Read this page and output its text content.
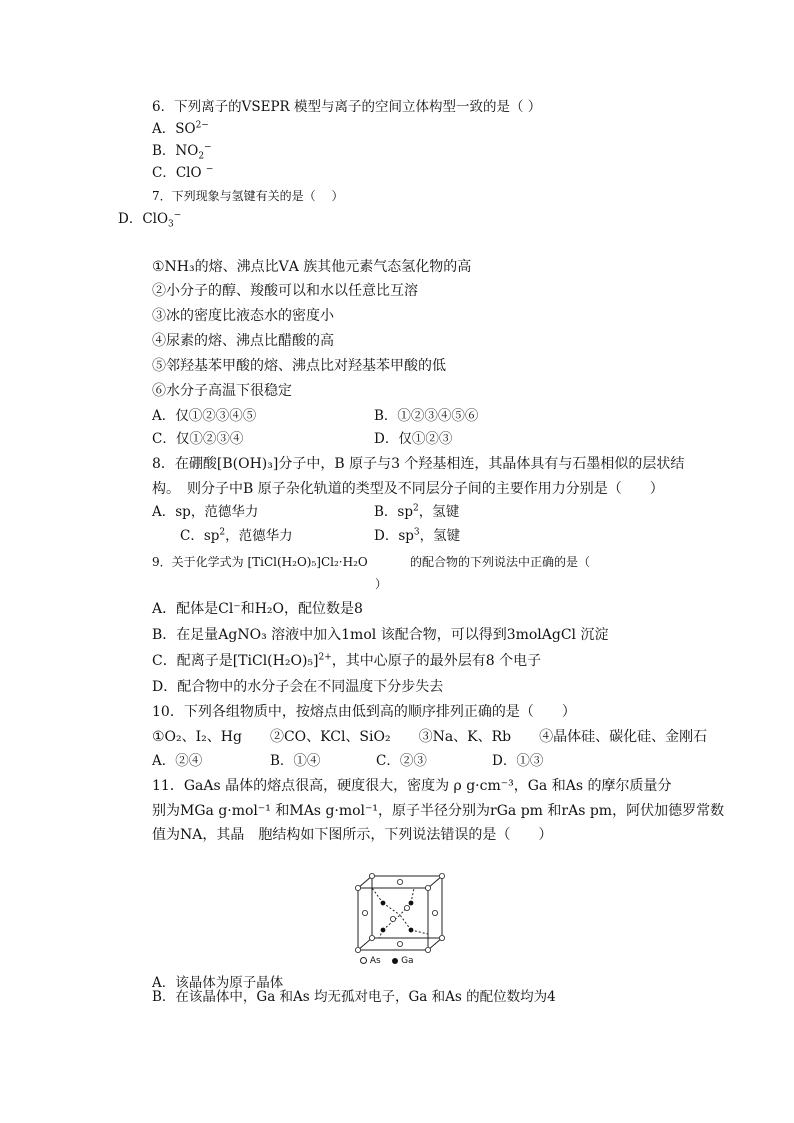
6．下列离子的VSEPR 模型与离子的空间立体构型一致的是（ ）
A．$SO^{2-}$
B．$NO_2^-$
C．ClO −
7．下列现象与氢键有关的是（　 ）
D．ClO$_3$−
①NH₃的熔、沸点比ⅤA 族其他元素气态氢化物的高
②小分子的醇、羧酸可以和水以任意比互溶
③冰的密度比液态水的密度小
④尿素的熔、沸点比醋酸的高
⑤邻羟基苯甲酸的熔、沸点比对羟基苯甲酸的低
⑥水分子高温下很稳定
A．仅①②③④⑤	B．①②③④⑤⑥
C．仅①②③④	D．仅①②③
8．在硼酸[B(OH)₃]分子中，B 原子与3 个羟基相连，其晶体具有与石墨相似的层状结
构。　则分子中B 原子杂化轨道的类型及不同层分子间的主要作用力分别是（　　）
A．sp，范德华力	B．$sp^2$，氢键
C．$sp^2$，范德华力	D．$sp^3$，氢键
9．关于化学式为 [TiCl(H₂O)₅]Cl₂·H₂O	的配合物的下列说法中正确的是（
）
A．配体是Cl⁻和H₂O，配位数是8
B．在足量AgNO₃ 溶液中加入1mol 该配合物，可以得到3molAgCl 沉淀
C．配离子是[TiCl(H₂O)₅]$^{2+}$，其中心原子的最外层有8 个电子
D．配合物中的水分子会在不同温度下分步失去
10．下列各组物质中，按熔点由低到高的顺序排列正确的是（　　）
①O₂、I₂、Hg　　②CO、KCl、SiO₂　　③Na、K、Rb　　④晶体硅、碳化硅、金刚石
A．②④	B．①④	C．②③	D．①③
11．GaAs 晶体的熔点很高，硬度很大，密度为 ρ g·cm⁻³，Ga 和As 的摩尔质量分
别为MGa g·mol⁻¹ 和MAs g·mol⁻¹，原子半径分别为rGa pm 和rAs pm，阿伏加德罗常数
值为NA，其晶　胞结构如下图所示，下列说法错误的是（　　）
As Ga
A．该晶体为原子晶体
B．在该晶体中，Ga 和As 均无孤对电子，Ga 和As 的配位数均为4
